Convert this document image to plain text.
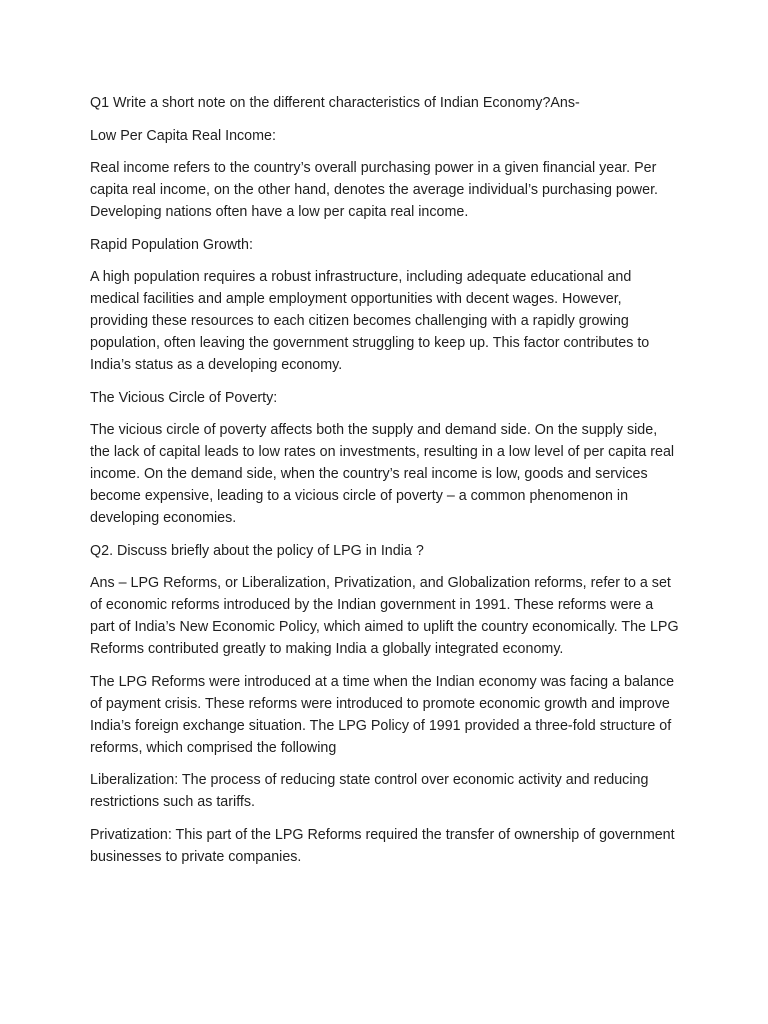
Q1 Write a short note on the different characteristics of Indian Economy?Ans-

Low Per Capita Real Income:

Real income refers to the country’s overall purchasing power in a given financial year. Per capita real income, on the other hand, denotes the average individual’s purchasing power. Developing nations often have a low per capita real income.

Rapid Population Growth:

A high population requires a robust infrastructure, including adequate educational and medical facilities and ample employment opportunities with decent wages. However, providing these resources to each citizen becomes challenging with a rapidly growing population, often leaving the government struggling to keep up. This factor contributes to India’s status as a developing economy.

The Vicious Circle of Poverty:

The vicious circle of poverty affects both the supply and demand side. On the supply side, the lack of capital leads to low rates on investments, resulting in a low level of per capita real income. On the demand side, when the country’s real income is low, goods and services become expensive, leading to a vicious circle of poverty – a common phenomenon in developing economies.

Q2. Discuss briefly about the policy of LPG in India ?

Ans – LPG Reforms, or Liberalization, Privatization, and Globalization reforms, refer to a set of economic reforms introduced by the Indian government in 1991. These reforms were a part of India’s New Economic Policy, which aimed to uplift the country economically. The LPG Reforms contributed greatly to making India a globally integrated economy.

The LPG Reforms were introduced at a time when the Indian economy was facing a balance of payment crisis. These reforms were introduced to promote economic growth and improve India’s foreign exchange situation. The LPG Policy of 1991 provided a three-fold structure of reforms, which comprised the following

Liberalization: The process of reducing state control over economic activity and reducing restrictions such as tariffs.

Privatization: This part of the LPG Reforms required the transfer of ownership of government businesses to private companies.
